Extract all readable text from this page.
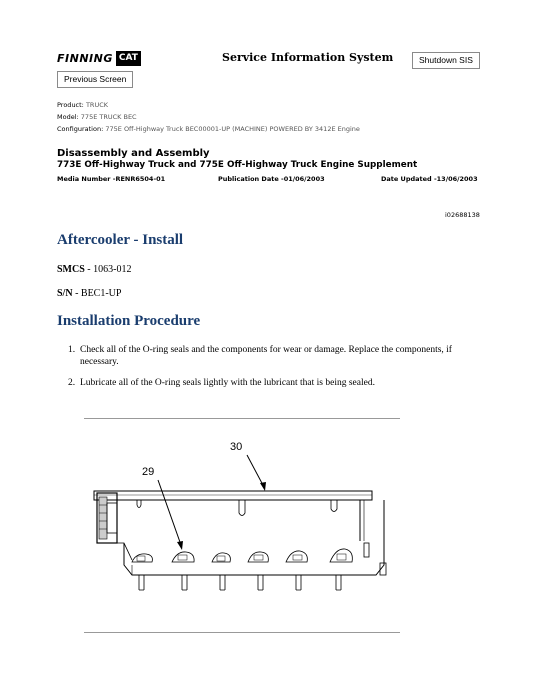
FINNING CAT	Service Information System	Shutdown SIS
Previous Screen
Product: TRUCK
Model: 775E TRUCK BEC
Configuration: 775E Off-Highway Truck BEC00001-UP (MACHINE) POWERED BY 3412E Engine
Disassembly and Assembly
773E Off-Highway Truck and 775E Off-Highway Truck Engine Supplement
Media Number -RENR6504-01	Publication Date -01/06/2003	Date Updated -13/06/2003
i02688138
Aftercooler - Install
SMCS - 1063-012
S/N - BEC1-UP
Installation Procedure
1. Check all of the O-ring seals and the components for wear or damage. Replace the components, if necessary.
2. Lubricate all of the O-ring seals lightly with the lubricant that is being sealed.
30
29
